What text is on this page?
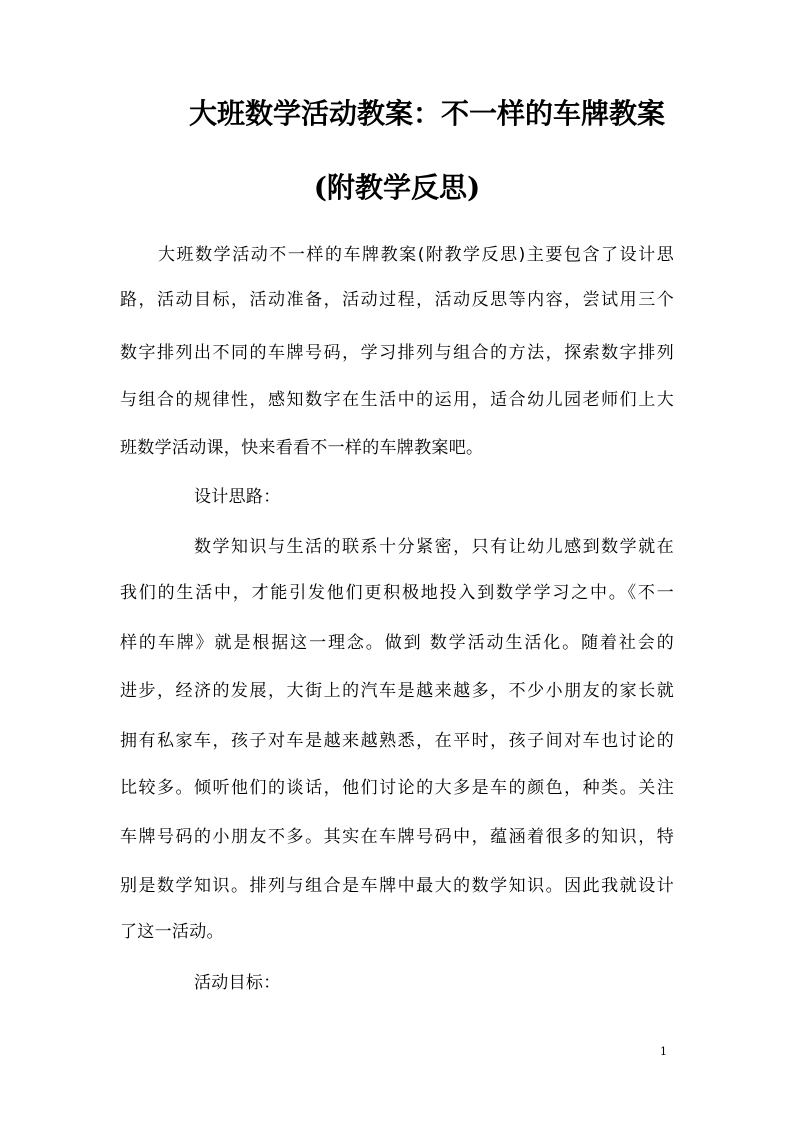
大班数学活动教案：不一样的车牌教案
(附教学反思)
大班数学活动不一样的车牌教案(附教学反思)主要包含了设计思
路，活动目标，活动准备，活动过程，活动反思等内容，尝试用三个
数字排列出不同的车牌号码，学习排列与组合的方法，探索数字排列
与组合的规律性，感知数字在生活中的运用，适合幼儿园老师们上大
班数学活动课，快来看看不一样的车牌教案吧。
设计思路：
数学知识与生活的联系十分紧密，只有让幼儿感到数学就在
我们的生活中，才能引发他们更积极地投入到数学学习之中。《不一
样的车牌》就是根据这一理念。做到 数学活动生活化。随着社会的
进步，经济的发展，大街上的汽车是越来越多，不少小朋友的家长就
拥有私家车，孩子对车是越来越熟悉，在平时，孩子间对车也讨论的
比较多。倾听他们的谈话，他们讨论的大多是车的颜色，种类。关注
车牌号码的小朋友不多。其实在车牌号码中，蕴涵着很多的知识，特
别是数学知识。排列与组合是车牌中最大的数学知识。因此我就设计
了这一活动。
活动目标：
1
